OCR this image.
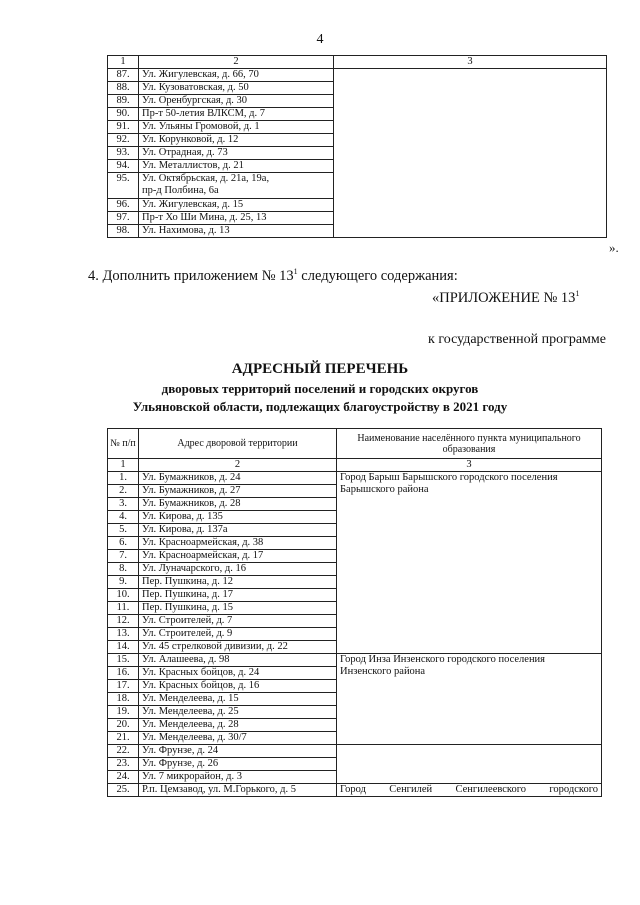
4
1	2	3
87.	Ул. Жигулевская, д. 66, 70	
88.	Ул. Кузоватовская, д. 50	
89.	Ул. Оренбургская, д. 30	
90.	Пр-т 50-летия ВЛКСМ, д. 7	
91.	Ул. Ульяны Громовой, д. 1	
92.	Ул. Корунковой, д. 12	
93.	Ул. Отрадная, д. 73	
94.	Ул. Металлистов, д. 21	
95.	Ул. Октябрьская, д. 21а, 19а,
пр-д Полбина, 6а	

96.	Ул. Жигулевская, д. 15	
97.	Пр-т Хо Ши Мина, д. 25, 13	
98.	Ул. Нахимова, д. 13	
».
4. Дополнить приложением № $13^1$ следующего содержания:
«ПРИЛОЖЕНИЕ № $13^1$
к государственной программе
АДРЕСНЫЙ ПЕРЕЧЕНЬ
дворовых территорий поселений и городских округов
Ульяновской области, подлежащих благоустройству в 2021 году
№ п/п	Адрес дворовой территории	Наименование населённого пункта муниципального образования
1	2	3
1.	Ул. Бумажников, д. 24	Город Барыш Барышского городского поселения Барышского района
2.	Ул. Бумажников, д. 27	
3.	Ул. Бумажников, д. 28	
4.	Ул. Кирова, д. 135	
5.	Ул. Кирова, д. 137а	
6.	Ул. Красноармейская, д. 38	
7.	Ул. Красноармейская, д. 17	
8.	Ул. Луначарского, д. 16	
9.	Пер. Пушкина, д. 12	
10.	Пер. Пушкина, д. 17	
11.	Пер. Пушкина, д. 15	
12.	Ул. Строителей, д. 7	
13.	Ул. Строителей, д. 9	
14.	Ул. 45 стрелковой дивизии, д. 22	
15.	Ул. Алашеева, д. 98	Город Инза Инзенского городского поселения Инзенского района
16.	Ул. Красных бойцов, д. 24	
17.	Ул. Красных бойцов, д. 16	
18.	Ул. Менделеева, д. 15	
19.	Ул. Менделеева, д. 25	
20.	Ул. Менделеева, д. 28	
21.	Ул. Менделеева, д. 30/7	
22.	Ул. Фрунзе, д. 24	
23.	Ул. Фрунзе, д. 26	
24.	Ул. 7 микрорайон, д. 3	
25.	Р.п. Цемзавод, ул. М.Горького, д. 5	Город Сенгилей Сенгилеевского городского
